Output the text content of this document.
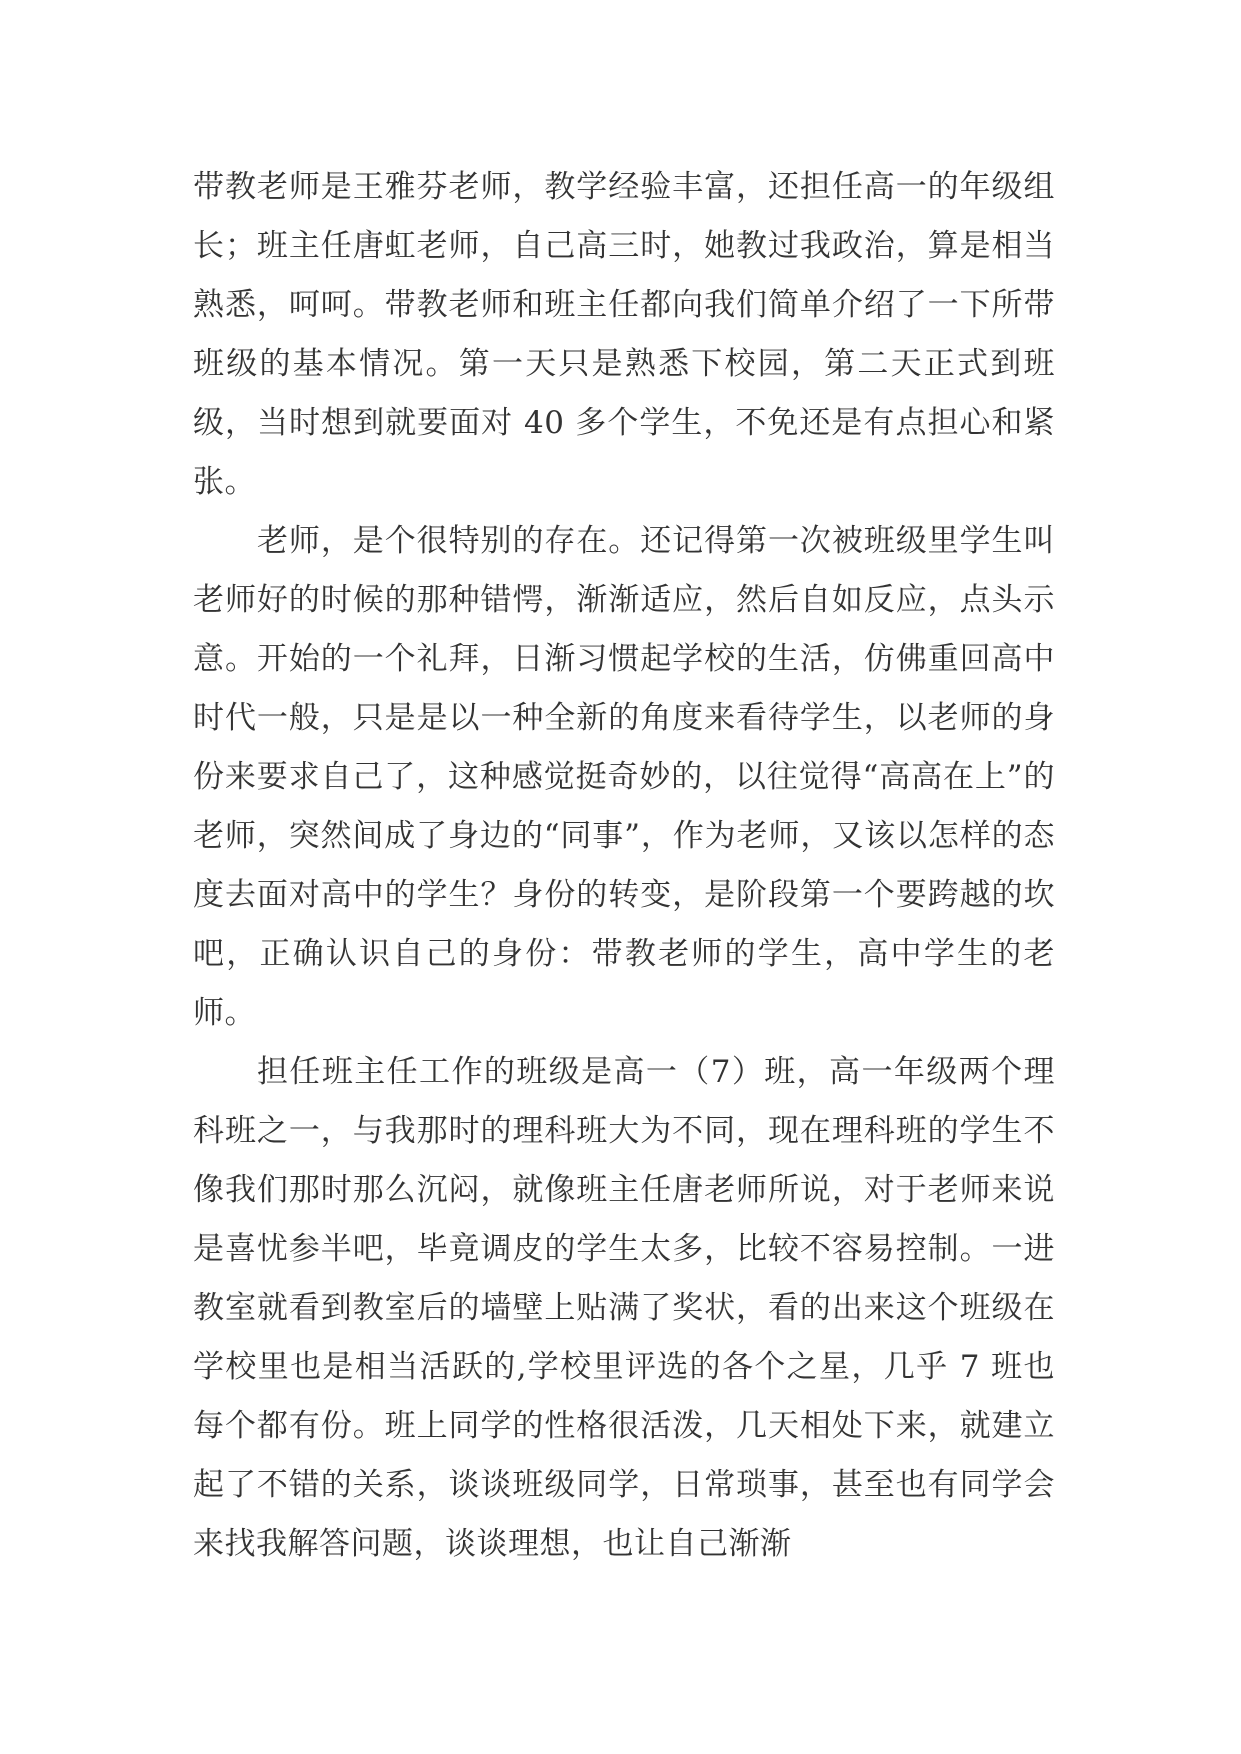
带教老师是王雅芬老师，教学经验丰富，还担任高一的年级组长；班主任唐虹老师，自己高三时，她教过我政治，算是相当熟悉，呵呵。带教老师和班主任都向我们简单介绍了一下所带班级的基本情况。第一天只是熟悉下校园，第二天正式到班级，当时想到就要面对 40 多个学生，不免还是有点担心和紧张。

老师，是个很特别的存在。还记得第一次被班级里学生叫老师好的时候的那种错愕，渐渐适应，然后自如反应，点头示意。开始的一个礼拜，日渐习惯起学校的生活，仿佛重回高中时代一般，只是是以一种全新的角度来看待学生，以老师的身份来要求自己了，这种感觉挺奇妙的，以往觉得“高高在上”的老师，突然间成了身边的“同事”，作为老师，又该以怎样的态度去面对高中的学生？身份的转变，是阶段第一个要跨越的坎吧，正确认识自己的身份：带教老师的学生，高中学生的老师。

担任班主任工作的班级是高一（7）班，高一年级两个理科班之一，与我那时的理科班大为不同，现在理科班的学生不像我们那时那么沉闷，就像班主任唐老师所说，对于老师来说是喜忧参半吧，毕竟调皮的学生太多，比较不容易控制。一进教室就看到教室后的墙壁上贴满了奖状，看的出来这个班级在学校里也是相当活跃的,学校里评选的各个之星，几乎 7 班也每个都有份。班上同学的性格很活泼，几天相处下来，就建立起了不错的关系，谈谈班级同学，日常琐事，甚至也有同学会来找我解答问题，谈谈理想，也让自己渐渐
